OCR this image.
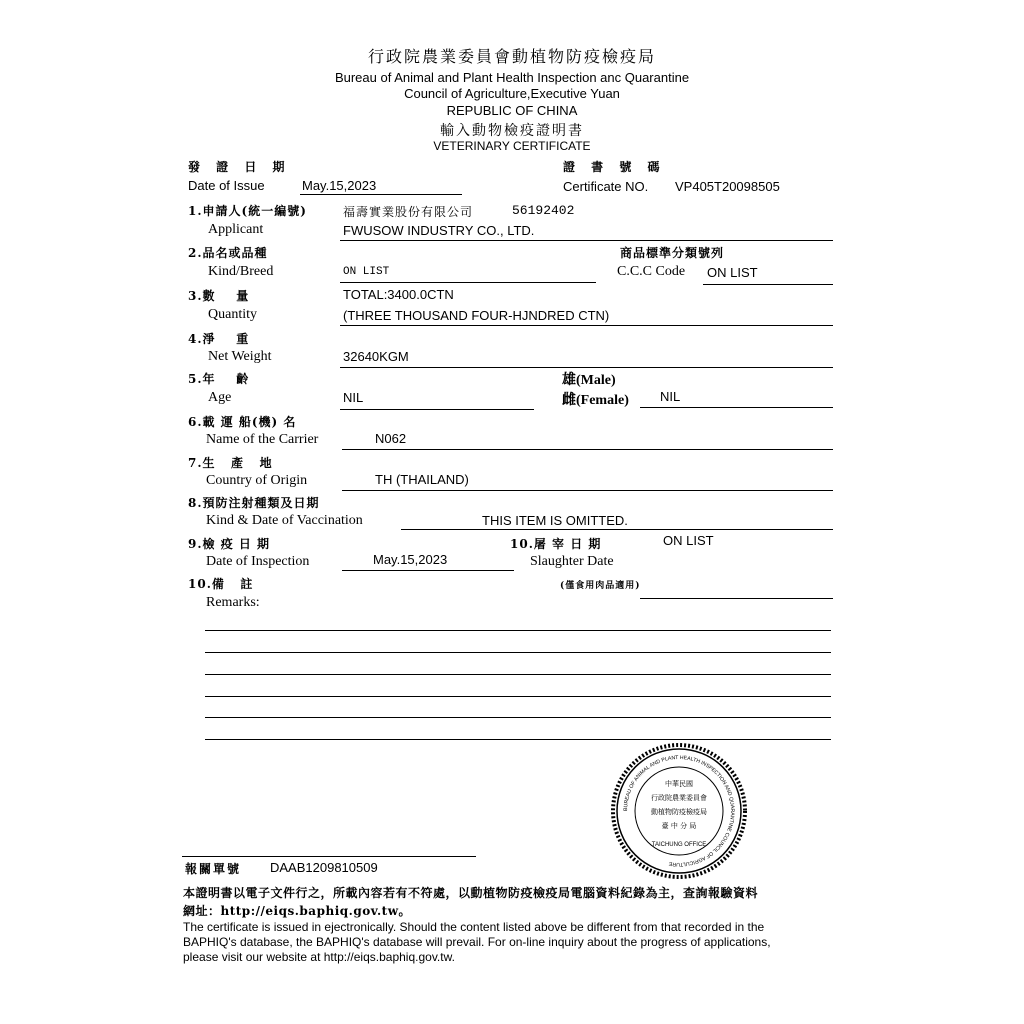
行政院農業委員會動植物防疫檢疫局
Bureau of Animal and Plant Health Inspection anc Quarantine
Council of Agriculture,Executive Yuan
REPUBLIC OF CHINA
輸入動物檢疫證明書
VETERINARY CERTIFICATE
發 證 日 期
Date of Issue	May.15,2023
證 書 號 碼
Certificate NO. VP405T20098505
1.申請人(統一編號)
Applicant
福壽實業股份有限公司	56192402
FWUSOW INDUSTRY CO., LTD.
2.品名或品種
Kind/Breed	ON LIST
商品標準分類號列
C.C.C Code ON LIST
3.數    量
Quantity
TOTAL:3400.0CTN
(THREE THOUSAND FOUR-HJNDRED CTN)
4.淨    重
Net Weight	32640KGM
5.年    齡
Age	NIL
雄(Male)
雌(Female) NIL
6.載 運 船(機) 名
Name of the Carrier	N062
7.生   產   地
Country of Origin	TH (THAILAND)
8.預防注射種類及日期
Kind & Date of Vaccination	THIS ITEM IS OMITTED.
9.檢 疫 日 期
Date of Inspection	May.15,2023
10.屠 宰 日 期
Slaughter Date
(僅食用肉品適用)
ON LIST
10.備   註
Remarks:
BUREAU OF ANIMAL AND PLANT HEALTH INSPECTION AND QUARANTINE COUNCIL OF AGRICULTURE
中華民國
行政院農業委員會
動植物防疫檢疫局
臺 中 分 局
TAICHUNG OFFICE
報關單號 DAAB1209810509
本證明書以電子文件行之，所載內容若有不符處，以動植物防疫檢疫局電腦資料紀錄為主，查詢報驗資料
網址：http://eiqs.baphiq.gov.tw。
The certificate is issued in ejectronically. Should the content listed above be different from that recorded in the
BAPHIQ's database, the BAPHIQ's database will prevail. For on-line inquiry about the progress of applications,
please visit our website at http://eiqs.baphiq.gov.tw.
